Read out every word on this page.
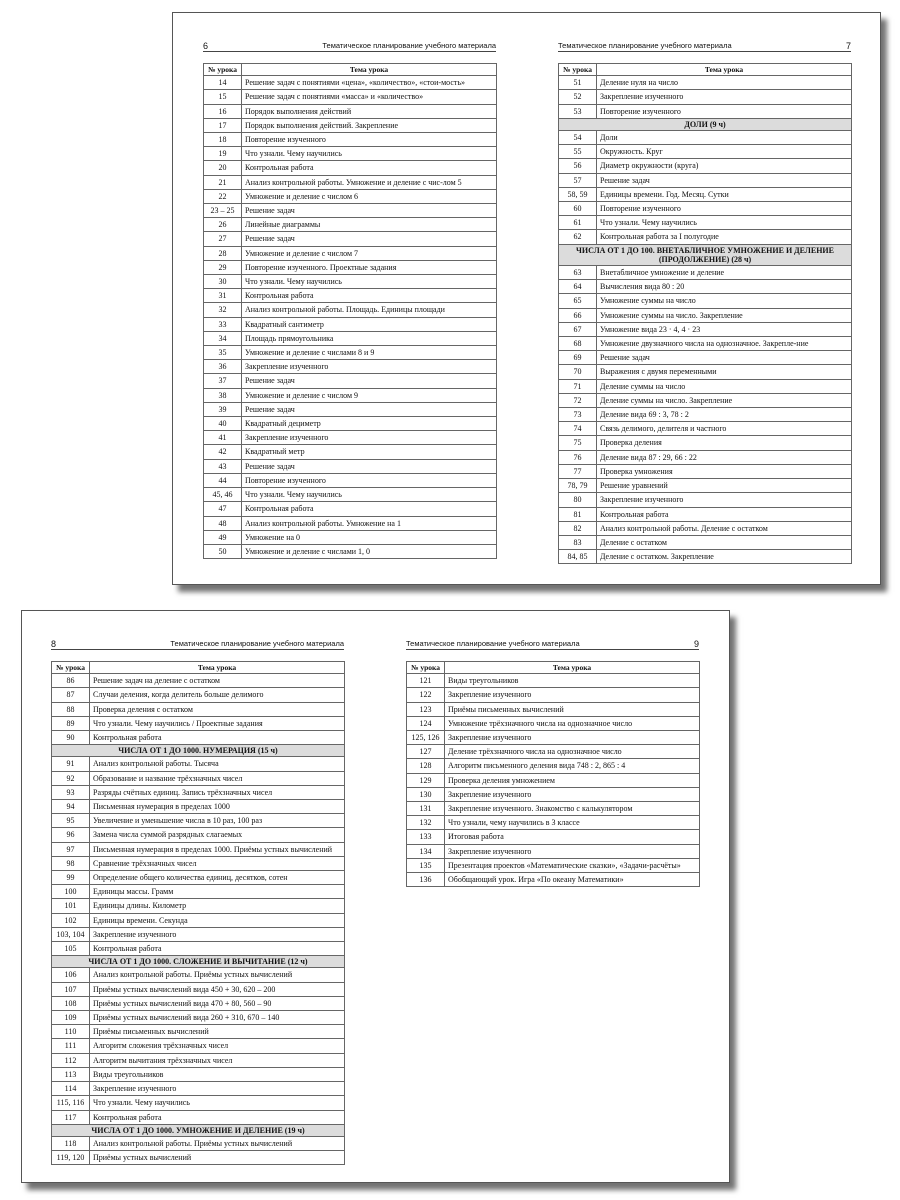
6	Тематическое планирование учебного материала
№ урока	Тема урока
14	Решение задач с понятиями «цена», «количество», «стои-мость»
15	Решение задач с понятиями «масса» и «количество»
16	Порядок выполнения действий
17	Порядок выполнения действий. Закрепление
18	Повторение изученного
19	Что узнали. Чему научились
20	Контрольная работа
21	Анализ контрольной работы. Умножение и деление с чис-лом 5
22	Умножение и деление с числом 6
23 – 25	Решение задач
26	Линейные диаграммы
27	Решение задач
28	Умножение и деление с числом 7
29	Повторение изученного. Проектные задания
30	Что узнали. Чему научились
31	Контрольная работа
32	Анализ контрольной работы. Площадь. Единицы площади
33	Квадратный сантиметр
34	Площадь прямоугольника
35	Умножение и деление с числами 8 и 9
36	Закрепление изученного
37	Решение задач
38	Умножение и деление с числом 9
39	Решение задач
40	Квадратный дециметр
41	Закрепление изученного
42	Квадратный метр
43	Решение задач
44	Повторение изученного
45, 46	Что узнали. Чему научились
47	Контрольная работа
48	Анализ контрольной работы. Умножение на 1
49	Умножение на 0
50	Умножение и деление с числами 1, 0
7
Тематическое планирование учебного материала
№ урока	Тема урока
51	Деление нуля на число
52	Закрепление изученного
53	Повторение изученного
ДОЛИ (9 ч)	
54	Доли
55	Окружность. Круг
56	Диаметр окружности (круга)
57	Решение задач
58, 59	Единицы времени. Год. Месяц. Сутки
60	Повторение изученного
61	Что узнали. Чему научились
62	Контрольная работа за I полугодие
ЧИСЛА ОТ 1 ДО 100. ВНЕТАБЛИЧНОЕ УМНОЖЕНИЕ И ДЕЛЕНИЕ (ПРОДОЛЖЕНИЕ) (28 ч)	
63	Внетабличное умножение и деление
64	Вычисления вида 80 : 20
65	Умножение суммы на число
66	Умножение суммы на число. Закрепление
67	Умножение вида 23 · 4, 4 · 23
68	Умножение двузначного числа на однозначное. Закрепле-ние
69	Решение задач
70	Выражения с двумя переменными
71	Деление суммы на число
72	Деление суммы на число. Закрепление
73	Деление вида 69 : 3, 78 : 2
74	Связь делимого, делителя и частного
75	Проверка деления
76	Деление вида 87 : 29, 66 : 22
77	Проверка умножения
78, 79	Решение уравнений
80	Закрепление изученного
81	Контрольная работа
82	Анализ контрольной работы. Деление с остатком
83	Деление с остатком
84, 85	Деление с остатком. Закрепление
8	Тематическое планирование учебного материала
№ урока	Тема урока
86	Решение задач на деление с остатком
87	Случаи деления, когда делитель больше делимого
88	Проверка деления с остатком
89	Что узнали. Чему научились / Проектные задания
90	Контрольная работа
ЧИСЛА ОТ 1 ДО 1000. НУМЕРАЦИЯ (15 ч)	
91	Анализ контрольной работы. Тысяча
92	Образование и название трёхзначных чисел
93	Разряды счётных единиц. Запись трёхзначных чисел
94	Письменная нумерация в пределах 1000
95	Увеличение и уменьшение числа в 10 раз, 100 раз
96	Замена числа суммой разрядных слагаемых
97	Письменная нумерация в пределах 1000. Приёмы устных вычислений
98	Сравнение трёхзначных чисел
99	Определение общего количества единиц, десятков, сотен
100	Единицы массы. Грамм
101	Единицы длины. Километр
102	Единицы времени. Секунда
103, 104	Закрепление изученного
105	Контрольная работа
ЧИСЛА ОТ 1 ДО 1000. СЛОЖЕНИЕ И ВЫЧИТАНИЕ (12 ч)	
106	Анализ контрольной работы. Приёмы устных вычислений
107	Приёмы устных вычислений вида 450 + 30, 620 – 200
108	Приёмы устных вычислений вида 470 + 80, 560 – 90
109	Приёмы устных вычислений вида 260 + 310, 670 – 140
110	Приёмы письменных вычислений
111	Алгоритм сложения трёхзначных чисел
112	Алгоритм вычитания трёхзначных чисел
113	Виды треугольников
114	Закрепление изученного
115, 116	Что узнали. Чему научились
117	Контрольная работа
ЧИСЛА ОТ 1 ДО 1000. УМНОЖЕНИЕ И ДЕЛЕНИЕ (19 ч)	
118	Анализ контрольной работы. Приёмы устных вычислений
119, 120	Приёмы устных вычислений
9
Тематическое планирование учебного материала
№ урока	Тема урока
121	Виды треугольников
122	Закрепление изученного
123	Приёмы письменных вычислений
124	Умножение трёхзначного числа на однозначное число
125, 126	Закрепление изученного
127	Деление трёхзначного числа на однозначное число
128	Алгоритм письменного деления вида 748 : 2, 865 : 4
129	Проверка деления умножением
130	Закрепление изученного
131	Закрепление изученного. Знакомство с калькулятором
132	Что узнали, чему научились в 3 классе
133	Итоговая работа
134	Закрепление изученного
135	Презентация проектов «Математические сказки», «Задачи-расчёты»
136	Обобщающий урок. Игра «По океану Математики»
